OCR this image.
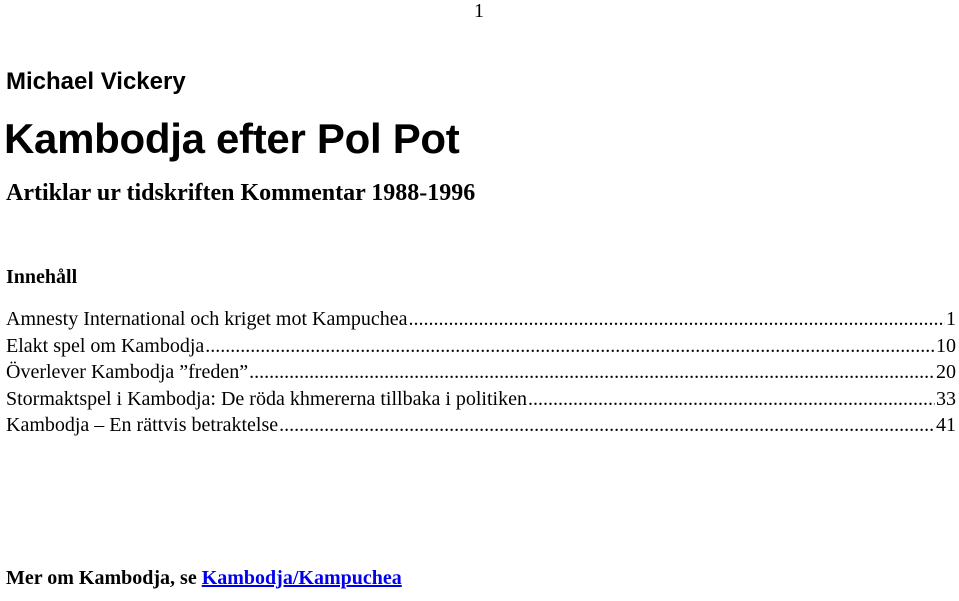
1
Michael Vickery
Kambodja efter Pol Pot
Artiklar ur tidskriften Kommentar 1988-1996
Innehåll
Amnesty International och kriget mot Kampuchea .....	1
Elakt spel om Kambodja .....	10
Överlever Kambodja ”freden” .....	20
Stormaktspel i Kambodja: De röda khmererna tillbaka i politiken .....	33
Kambodja – En rättvis betraktelse .....	41
Mer om Kambodja, se Kambodja/Kampuchea
